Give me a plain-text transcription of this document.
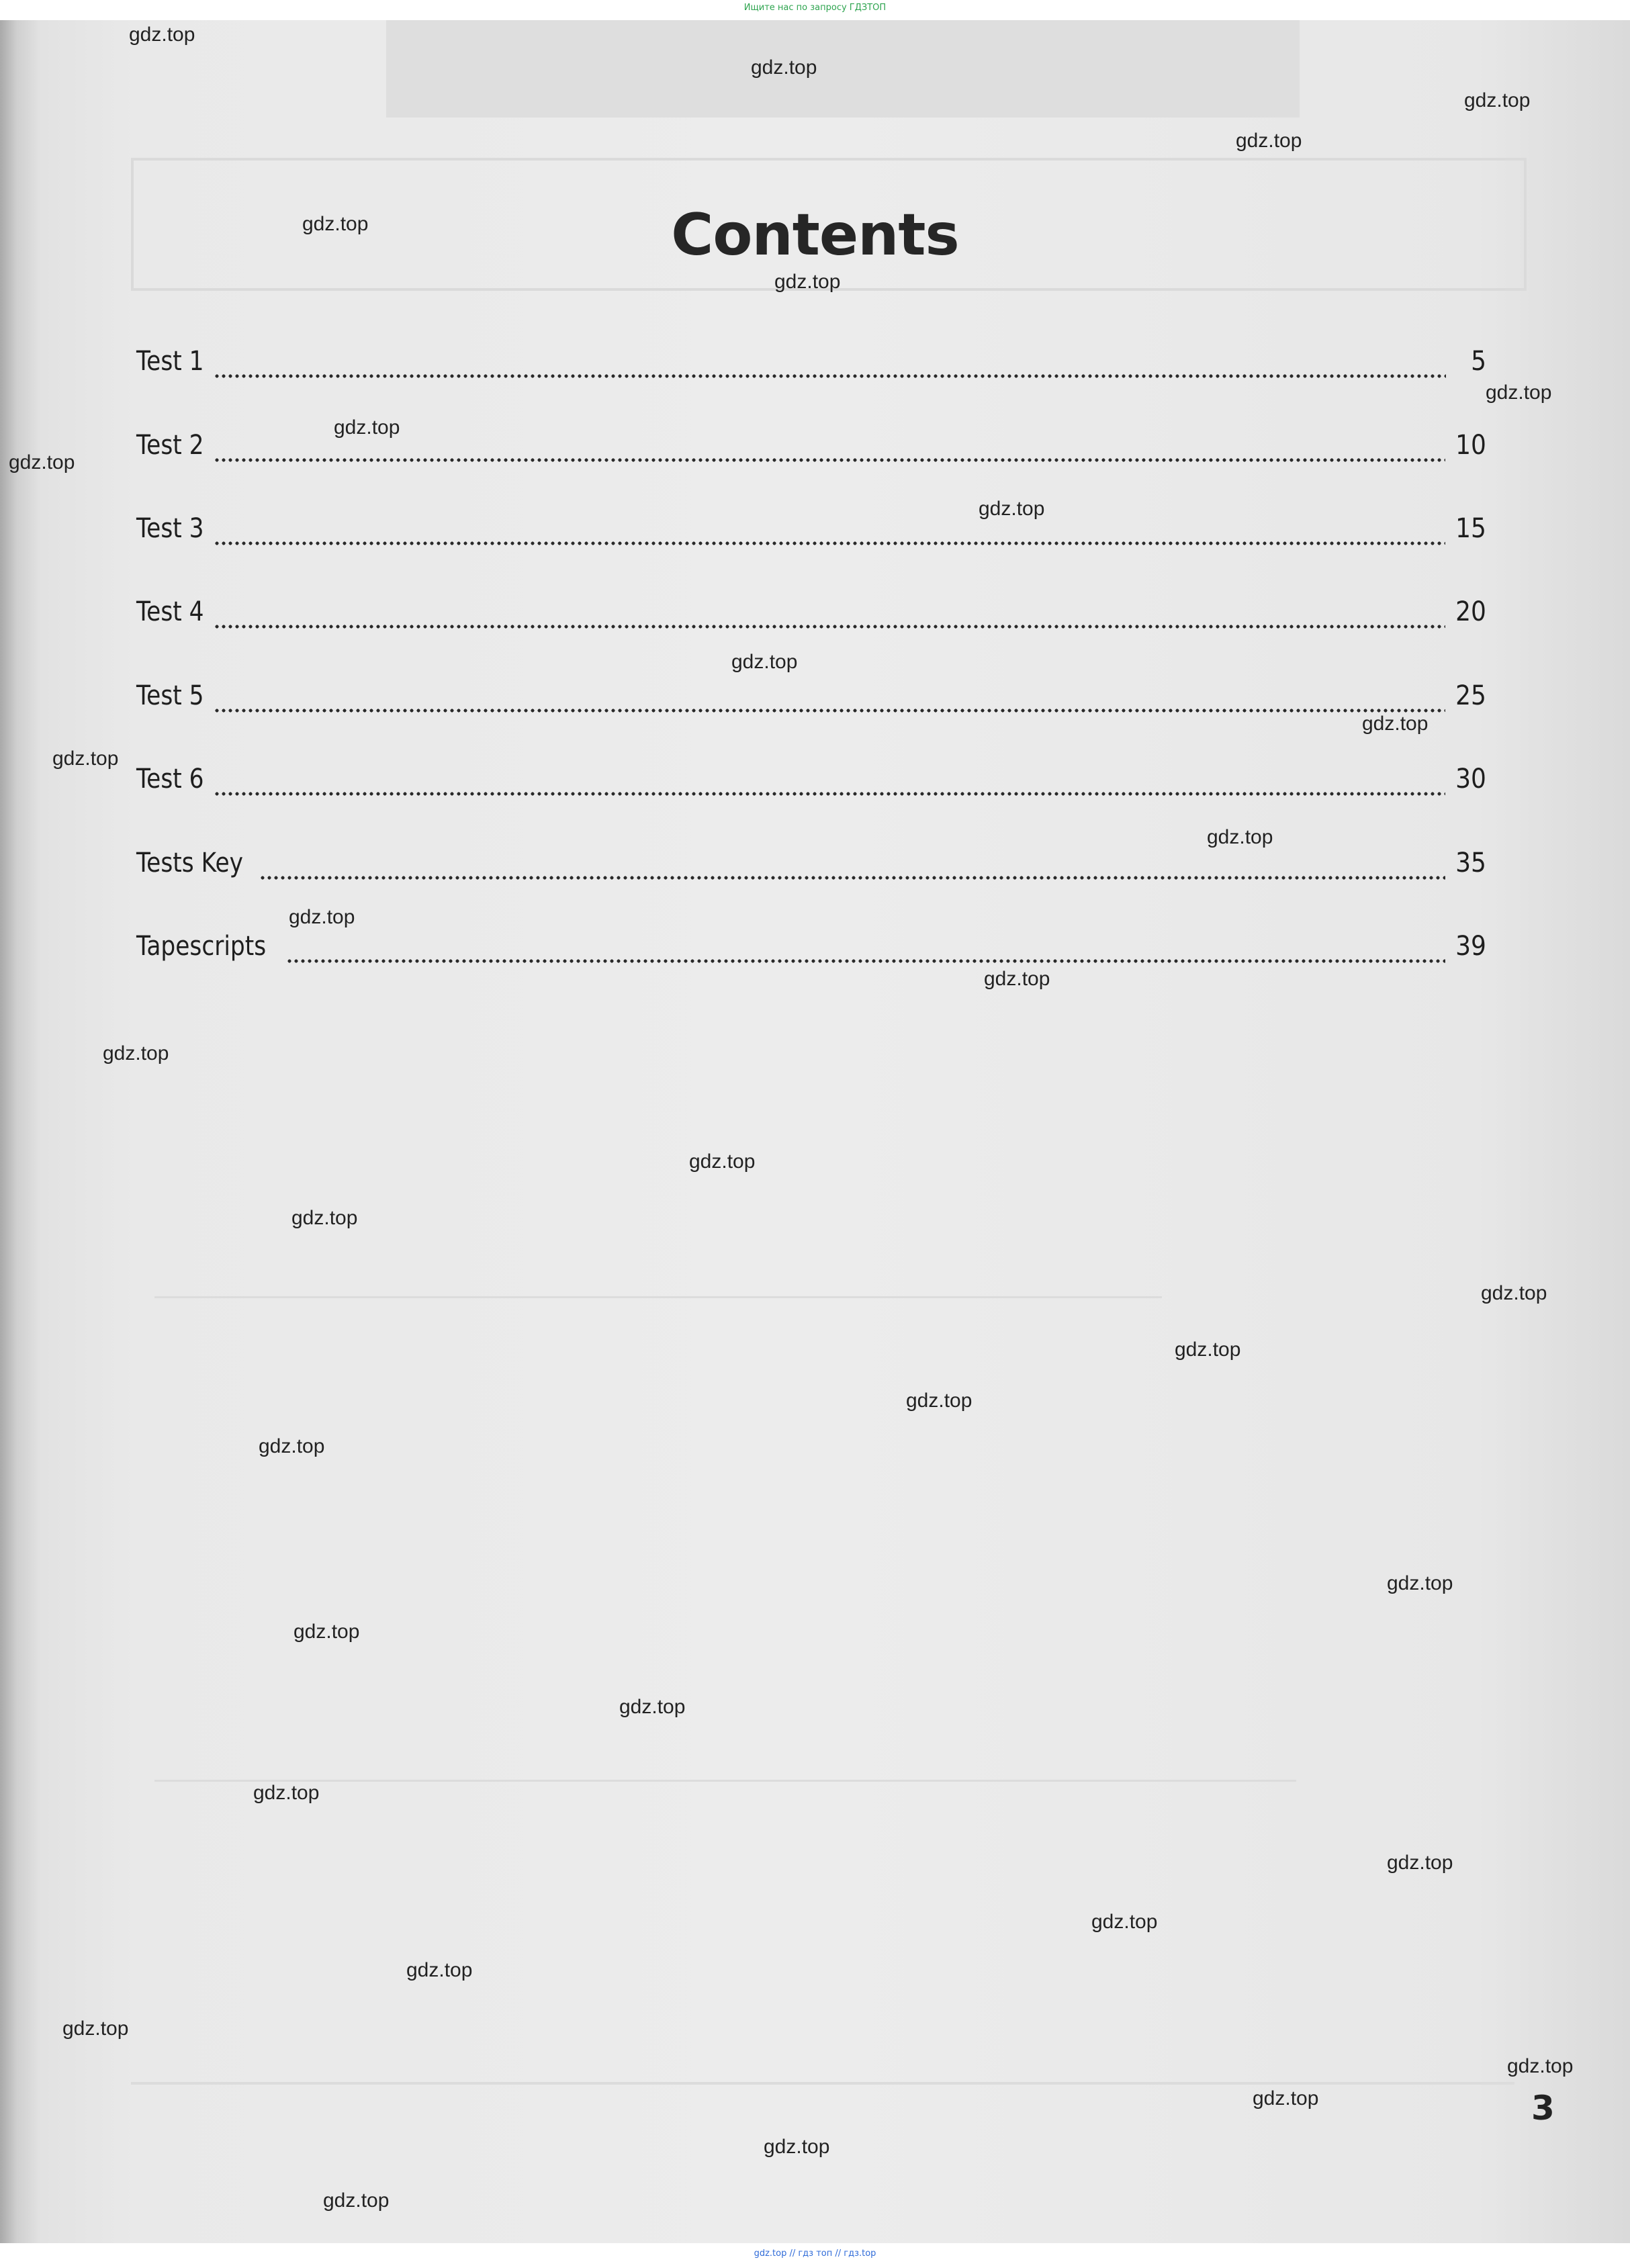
Ищите нас по запросу ГДЗТОП
Contents
Test 1	5
Test 2	10
Test 3	15
Test 4	20
Test 5	25
Test 6	30
Tests Key	35
Tapescripts	39
gdz.top
gdz.top
gdz.top
gdz.top
gdz.top
gdz.top
gdz.top
gdz.top
gdz.top
gdz.top
gdz.top
gdz.top
gdz.top
gdz.top
gdz.top
gdz.top
gdz.top
gdz.top
gdz.top
gdz.top
gdz.top
gdz.top
gdz.top
gdz.top
gdz.top
gdz.top
gdz.top
gdz.top
gdz.top
gdz.top
gdz.top
gdz.top
gdz.top
gdz.top
gdz.top
3
gdz.top // гдз топ // гдз.top
